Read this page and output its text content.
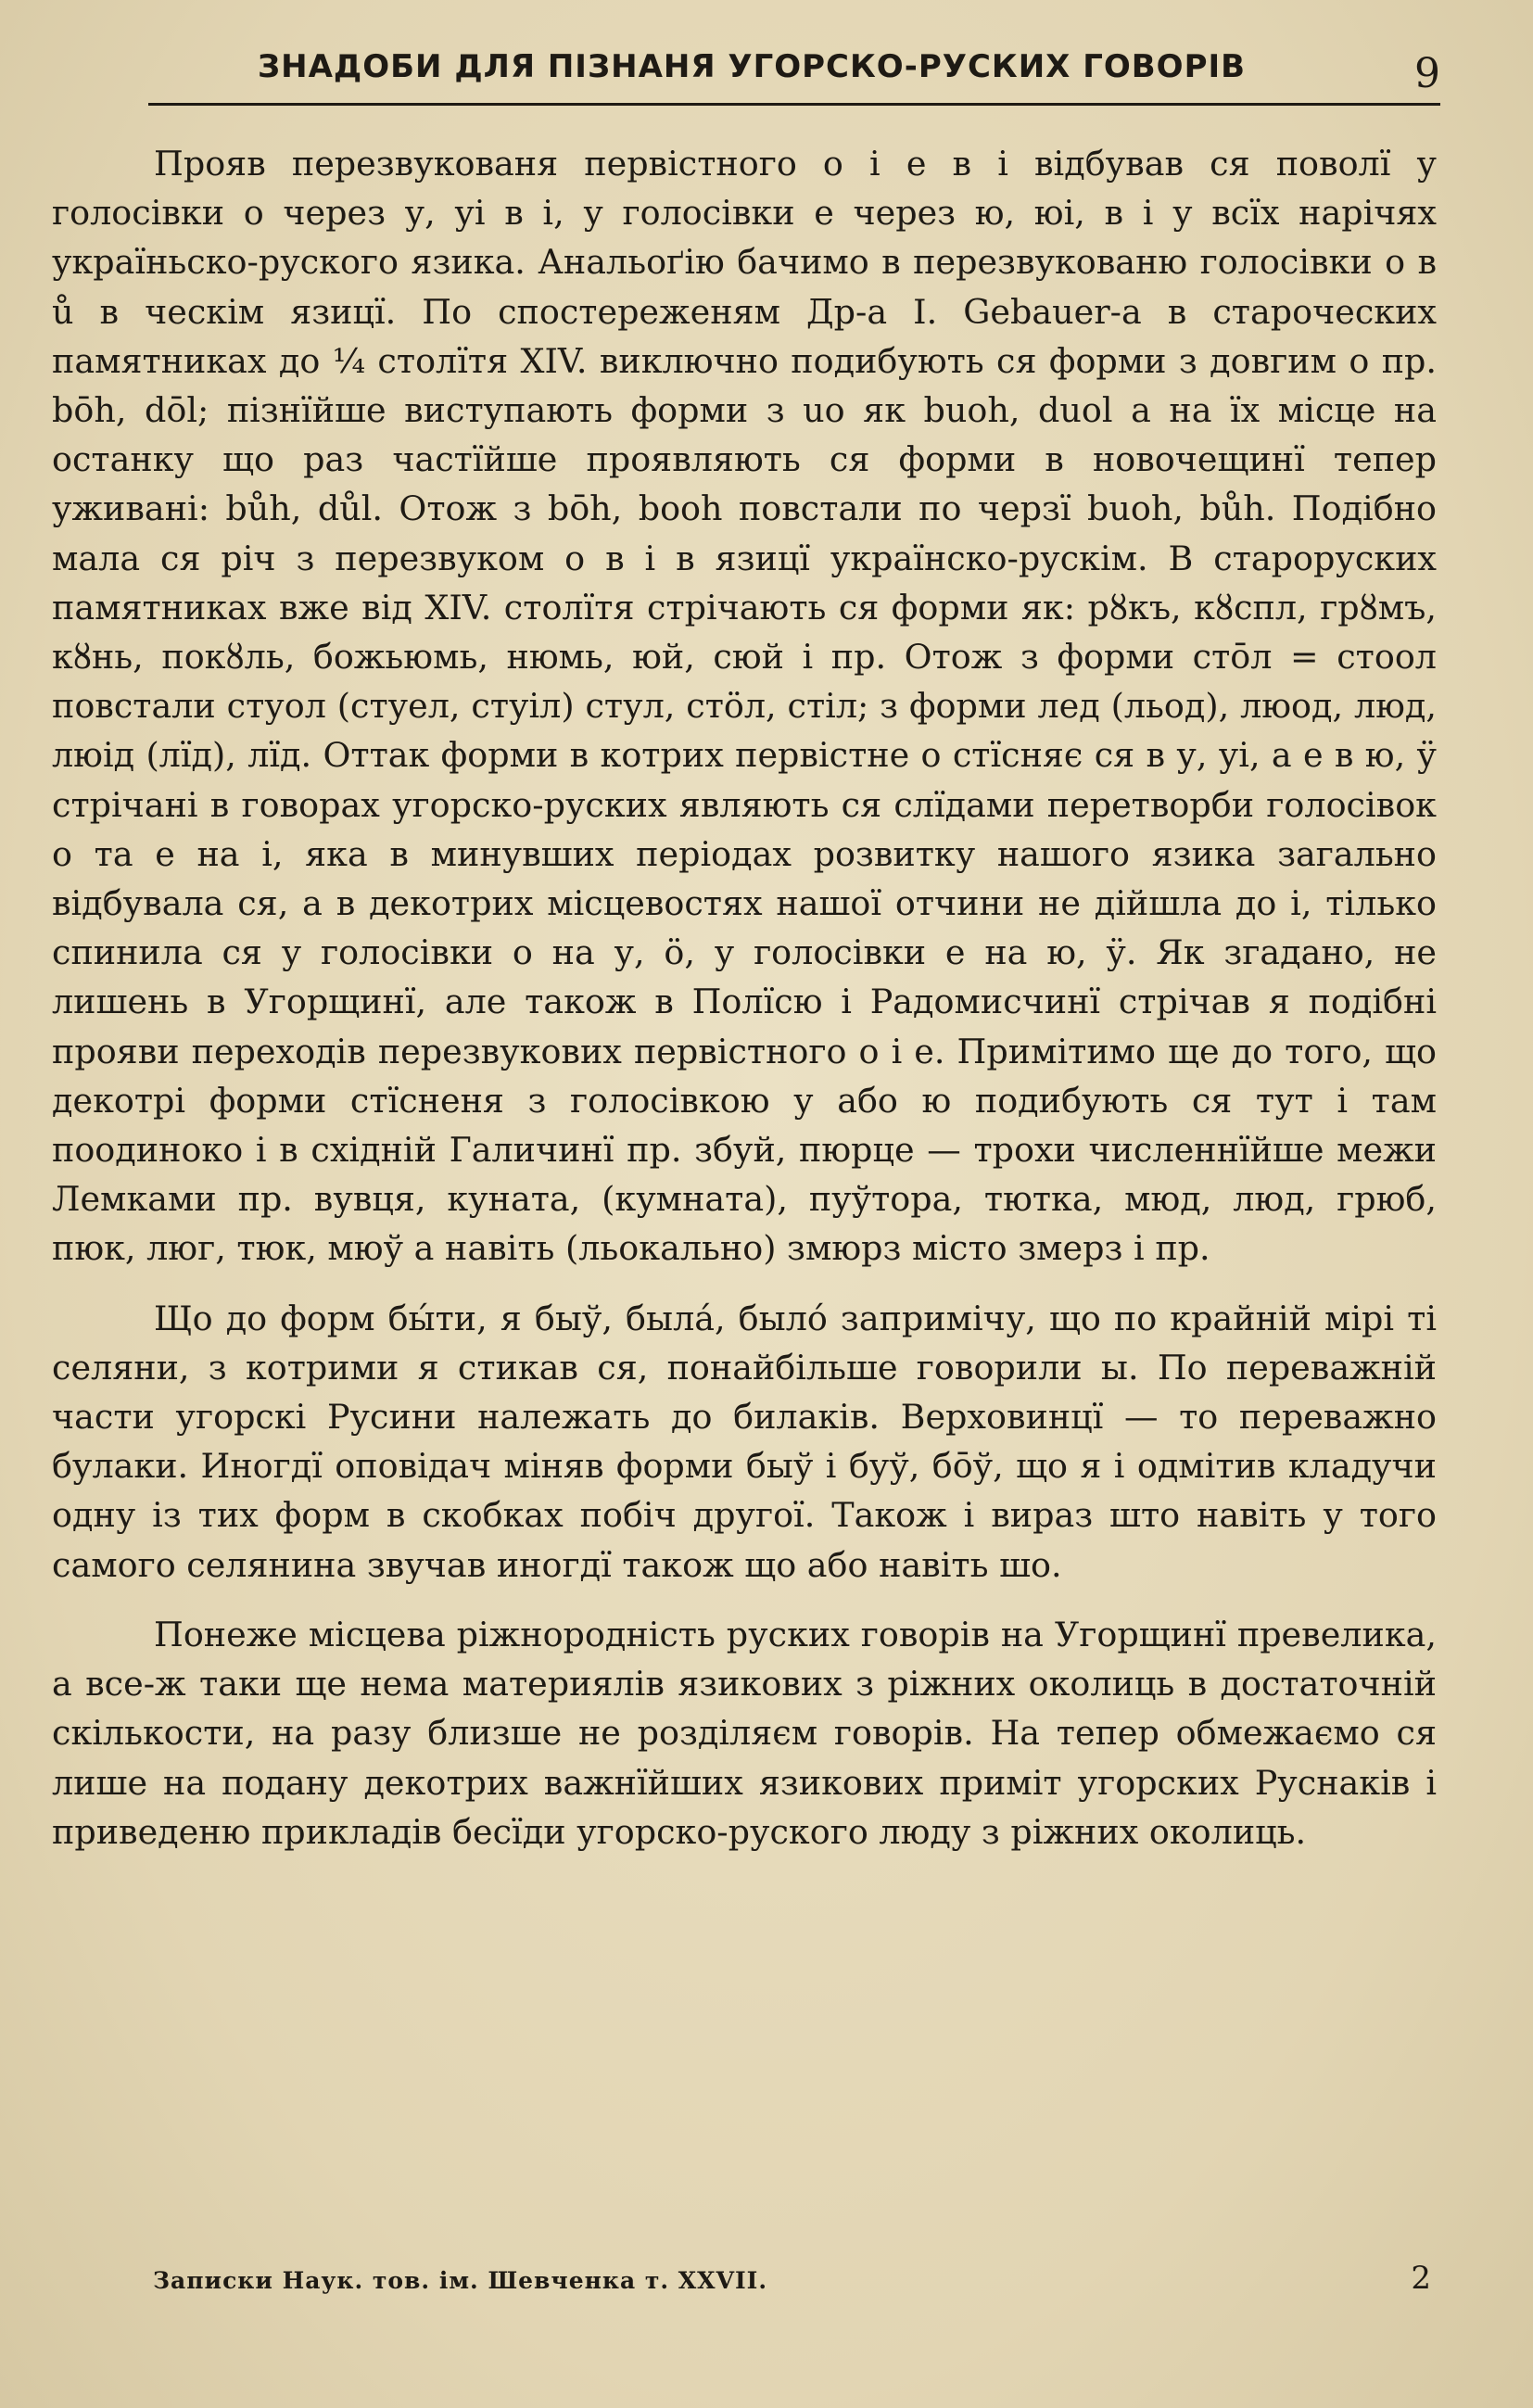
ЗНАДОБИ ДЛЯ ПІЗНАНЯ УГОРСКО-РУСКИХ ГОВОРІВ	9

Прояв перезвукованя первістного о і е в і відбував ся поволї у голосівки о через у, уі в і, у голосівки е через ю, юі, в і у всїх нарічях україньско-руского язика. Анальоґію бачимо в перезвукованю голосівки о в ů в ческім язицї. По спостереженям Др-а І. Gebauer-а в староческих памятниках до ¼ столїтя XIV. виключно подибують ся форми з довгим о пр. bōh, dōl; пізнїйше виступають форми з uo як buoh, duol а на їх місце на останку що раз частїйше проявляють ся форми в новочещинї тепер уживані: bůh, důl. Отож з bōh, booh повстали по черзї buoh, bůh. Подібно мала ся річ з перезвуком о в і в язицї українско-рускім. В староруских памятниках вже від XIV. столїтя стрічають ся форми як: рȣкъ, кȣспл, грȣмъ, кȣнь, покȣль, божьюмь, нюмь, юй, сюй і пр. Отож з форми стōл = стоол повстали стуол (стуел, стуіл) стул, стöл, стіл; з форми лед (льод), люод, люд, люід (лїд), лїд. Оттак форми в котрих первістне о стїсняє ся в у, уі, а е в ю, ӱ стрічані в говорах угорско-руских являють ся слїдами перетворби голосівок о та е на і, яка в минувших періодах розвитку нашого язика загально відбувала ся, а в декотрих місцевостях нашої отчини не дійшла до і, тілько спинила ся у голосівки о на у, ö, у голосівки е на ю, ӱ. Як згадано, не лишень в Угорщинї, але також в Полїсю і Радомисчинї стрічав я подібні прояви переходів перезвукових первістного о і е. Примітимо ще до того, що декотрі форми стїсненя з голосівкою у або ю подибують ся тут і там поодиноко і в східній Галичинї пр. збуй, пюрце — трохи численнїйше межи Лемками пр. вувця, куната, (кумната), пуўтора, тютка, мюд, люд, грюб, пюк, люг, тюк, мюў а навіть (льокально) змюрз місто змерз і пр.

Що до форм бы́ти, я быў, была́, было́ запримічу, що по крайній мірі ті селяни, з котрими я стикав ся, понайбільше говорили ы. По переважній части угорскі Русини належать до билаків. Верховинцї — то переважно булаки. Иногдї оповідач міняв форми быў і буў, бōў, що я і одмітив кладучи одну із тих форм в скобках побіч другої. Також і вираз што навіть у того самого селянина звучав иногдї також що або навіть шо.

Понеже місцева ріжнородність руских говорів на Угорщинї превелика, а все-ж таки ще нема материялів язикових з ріжних околиць в достаточній скількости, на разу близше не розділяєм говорів. На тепер обмежаємо ся лише на подану декотрих важнїйших язикових приміт угорских Руснаків і приведеню прикладів бесїди угорско-руского люду з ріжних околиць.

Записки Наук. тов. ім. Шевченка т. XXVII.	2
